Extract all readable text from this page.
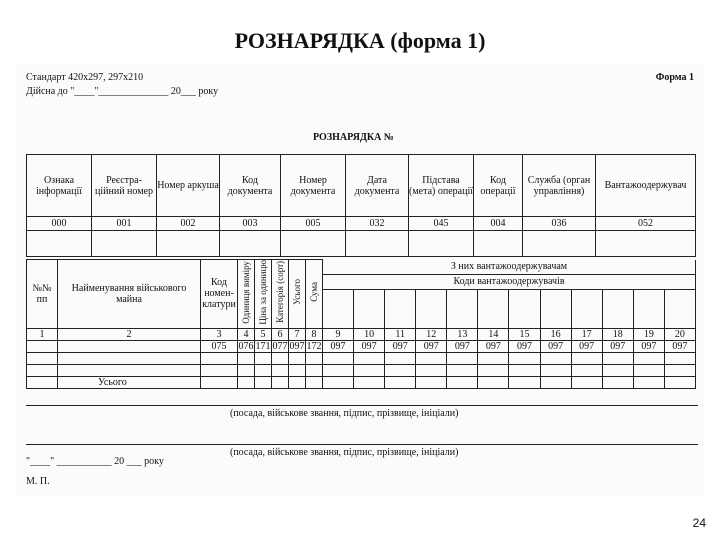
РОЗНАРЯДКА (форма 1)
Стандарт 420х297, 297х210
Дійсна до "____"______________ 20___ року
Форма 1
РОЗНАРЯДКА №
Ознака інформації	Реєстра-ційний номер	Номер аркуша	Код документа	Номер документа	Дата документа	Підстава (мета) операції	Код операції	Служба (орган управління)	Вантажоодержувач
000	001	002	003	005	032	045	004	036	052

№№ пп	Найменування військового майна	Код номен-клатури	Одиниця виміру	Ціна за одиницю	Категорія (сорт)	Усього	Сума	З них вантажоодержувачам											
								Коди вантажоодержувачів											

1	2	3	4	5	6	7	8	9	10	11	12	13	14	15	16	17	18	19	20
		075	076	171	077	097	172	097	097	097	097	097	097	097	097	097	097	097	097

	Усього																		
(посада, військове звання, підпис, прізвище, ініціали)
(посада, військове звання, підпис, прізвище, ініціали)
"____" ___________ 20 ___ року
М. П.
24
